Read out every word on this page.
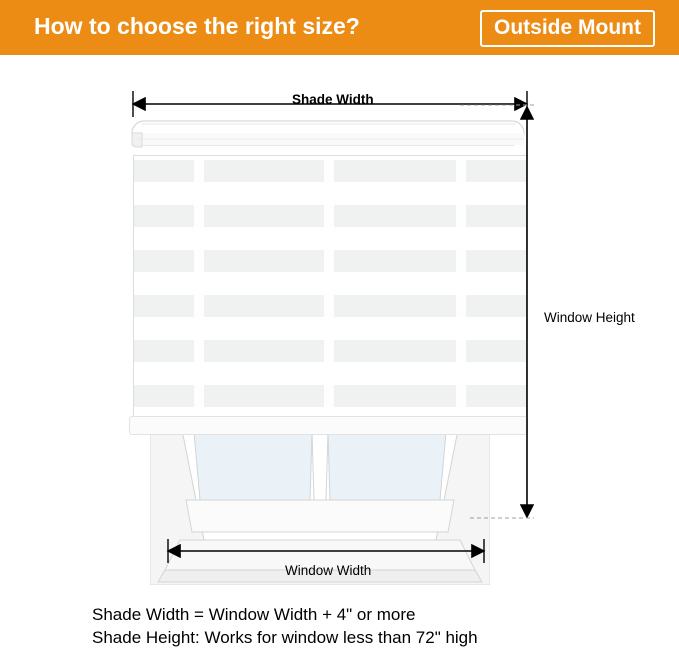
How to choose the right size?	Outside Mount
Shade Width
Window Height
Window Width
Shade Width = Window Width + 4" or more
Shade Height: Works for window less than 72" high
